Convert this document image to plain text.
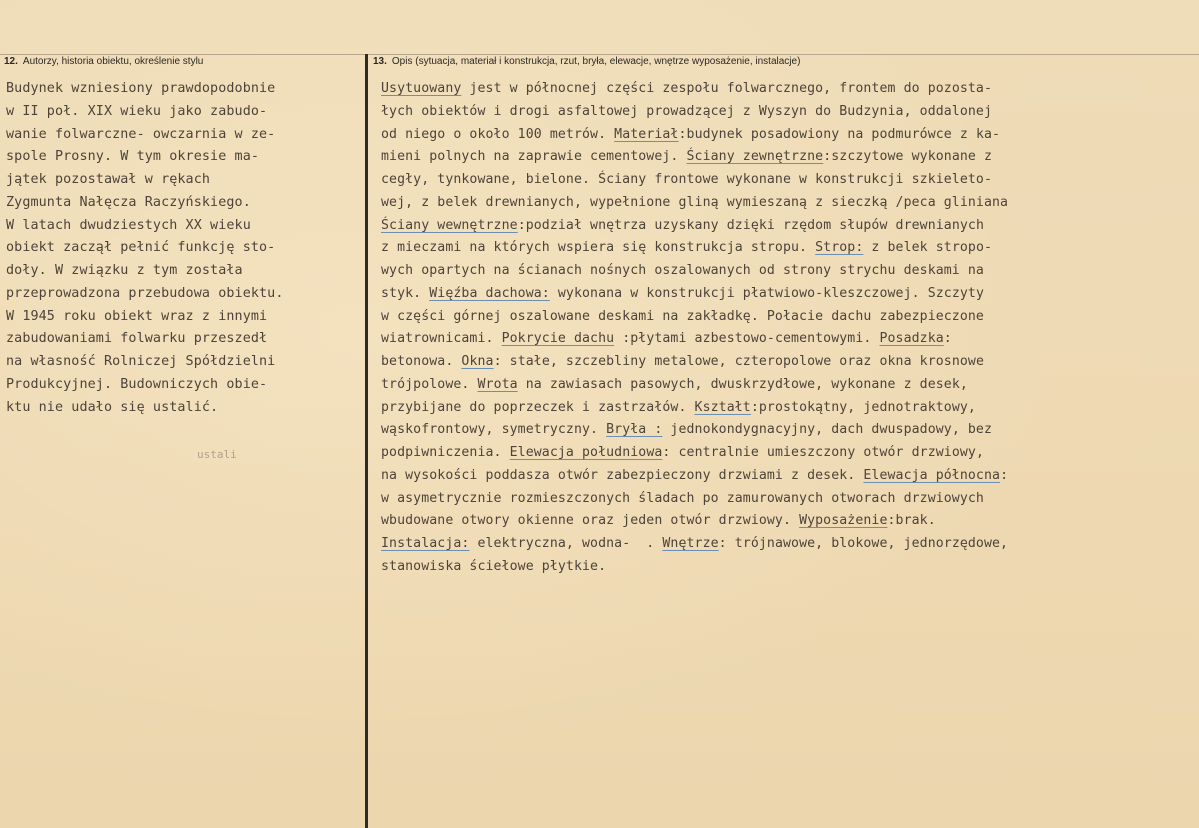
12. Autorzy, historia obiektu, określenie stylu	13. Opis (sytuacja, materiał i konstrukcja, rzut, bryła, elewacje, wnętrze wyposażenie, instalacje)
Budynek wzniesiony prawdopodobnie
w II poł. XIX wieku jako zabudo-
wanie folwarczne- owczarnia w ze-
spole Prosny. W tym okresie ma-
jątek pozostawał w rękach
Zygmunta Nałęcza Raczyńskiego.
W latach dwudziestych XX wieku
obiekt zaczął pełnić funkcję sto-
doły. W związku z tym została
przeprowadzona przebudowa obiektu.
W 1945 roku obiekt wraz z innymi
zabudowaniami folwarku przeszedł
na własność Rolniczej Spółdzielni
Produkcyjnej. Budowniczych obie-
ktu nie udało się ustalić.
ustali
Usytuowany jest w północnej części zespołu folwarcznego, frontem do pozosta-
łych obiektów i drogi asfaltowej prowadzącej z Wyszyn do Budzynia, oddalonej
od niego o około 100 metrów. Materiał:budynek posadowiony na podmurówce z ka-
mieni polnych na zaprawie cementowej. Ściany zewnętrzne:szczytowe wykonane z
cegły, tynkowane, bielone. Ściany frontowe wykonane w konstrukcji szkieleto-
wej, z belek drewnianych, wypełnione gliną wymieszaną z sieczką /peca gliniana
Ściany wewnętrzne:podział wnętrza uzyskany dzięki rzędom słupów drewnianych
z mieczami na których wspiera się konstrukcja stropu. Strop: z belek stropo-
wych opartych na ścianach nośnych oszalowanych od strony strychu deskami na
styk. Więźba dachowa: wykonana w konstrukcji płatwiowo-kleszczowej. Szczyty
w części górnej oszalowane deskami na zakładkę. Połacie dachu zabezpieczone
wiatrownicami. Pokrycie dachu :płytami azbestowo-cementowymi. Posadzka:
betonowa. Okna: stałe, szczebliny metalowe, czteropolowe oraz okna krosnowe
trójpolowe. Wrota na zawiasach pasowych, dwuskrzydłowe, wykonane z desek,
przybijane do poprzeczek i zastrzałów. Kształt:prostokątny, jednotraktowy,
wąskofrontowy, symetryczny. Bryła : jednokondygnacyjny, dach dwuspadowy, bez
podpiwniczenia. Elewacja południowa: centralnie umieszczony otwór drzwiowy,
na wysokości poddasza otwór zabezpieczony drzwiami z desek. Elewacja północna:
w asymetrycznie rozmieszczonych śladach po zamurowanych otworach drzwiowych
wbudowane otwory okienne oraz jeden otwór drzwiowy. Wyposażenie:brak.
Instalacja: elektryczna, wodna-  . Wnętrze: trójnawowe, blokowe, jednorzędowe,
stanowiska ściełowe płytkie.
